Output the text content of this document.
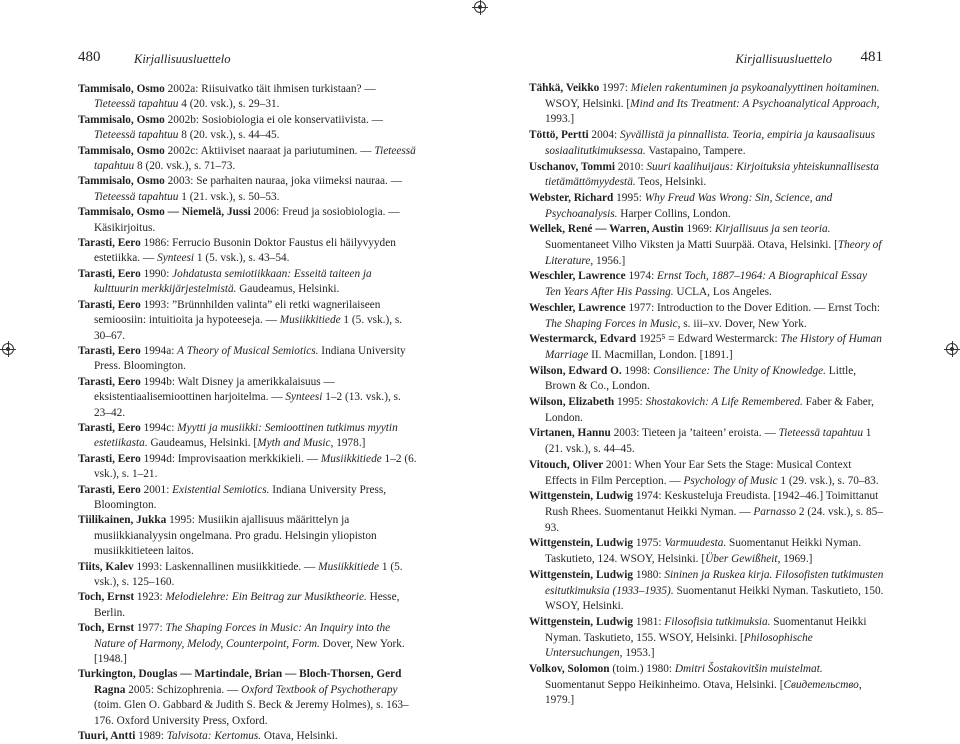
480	Kirjallisuusluettelo

Tammisalo, Osmo 2002a: Riisuivatko täit ihmisen turkistaan? — Tieteessä tapahtuu 4 (20. vsk.), s. 29–31.

Tammisalo, Osmo 2002b: Sosiobiologia ei ole konservatiivista. — Tieteessä tapahtuu 8 (20. vsk.), s. 44–45.

Tammisalo, Osmo 2002c: Aktiiviset naaraat ja pariutuminen. — Tieteessä tapahtuu 8 (20. vsk.), s. 71–73.

Tammisalo, Osmo 2003: Se parhaiten nauraa, joka viimeksi nauraa. — Tieteessä tapahtuu 1 (21. vsk.), s. 50–53.

Tammisalo, Osmo — Niemelä, Jussi 2006: Freud ja sosiobiologia. — Käsikirjoitus.

Tarasti, Eero 1986: Ferrucio Busonin Doktor Faustus eli häilyvyyden estetiikka. — Synteesi 1 (5. vsk.), s. 43–54.

Tarasti, Eero 1990: Johdatusta semiotiikkaan: Esseitä taiteen ja kulttuurin merkkijärjestelmistä. Gaudeamus, Helsinki.

Tarasti, Eero 1993: ”Brünnhilden valinta” eli retki wagnerilaiseen semioosiin: intuitioita ja hypoteeseja. — Musiikkitiede 1 (5. vsk.), s. 30–67.

Tarasti, Eero 1994a: A Theory of Musical Semiotics. Indiana University Press. Bloomington.

Tarasti, Eero 1994b: Walt Disney ja amerikkalaisuus — eksistentiaalisemioottinen harjoitelma. — Synteesi 1–2 (13. vsk.), s. 23–42.

Tarasti, Eero 1994c: Myytti ja musiikki: Semioottinen tutkimus myytin estetiikasta. Gaudeamus, Helsinki. [Myth and Music, 1978.]

Tarasti, Eero 1994d: Improvisaation merkkikieli. — Musiikkitiede 1–2 (6. vsk.), s. 1–21.

Tarasti, Eero 2001: Existential Semiotics. Indiana University Press, Bloomington.

Tiilikainen, Jukka 1995: Musiikin ajallisuus määrittelyn ja musiikkianalyysin ongelmana. Pro gradu. Helsingin yliopiston musiikkitieteen laitos.

Tiits, Kalev 1993: Laskennallinen musiikkitiede. — Musiikkitiede 1 (5. vsk.), s. 125–160.

Toch, Ernst 1923: Melodielehre: Ein Beitrag zur Musiktheorie. Hesse, Berlin.

Toch, Ernst 1977: The Shaping Forces in Music: An Inquiry into the Nature of Harmony, Melody, Counterpoint, Form. Dover, New York. [1948.]

Turkington, Douglas — Martindale, Brian — Bloch-Thorsen, Gerd Ragna 2005: Schizophrenia. — Oxford Textbook of Psychotherapy (toim. Glen O. Gabbard & Judith S. Beck & Jeremy Holmes), s. 163–176. Oxford University Press, Oxford.

Tuuri, Antti 1989: Talvisota: Kertomus. Otava, Helsinki.

Kirjallisuusluettelo 481

Tähkä, Veikko 1997: Mielen rakentuminen ja psykoanalyyttinen hoitaminen. WSOY, Helsinki. [Mind and Its Treatment: A Psychoanalytical Approach, 1993.]

Töttö, Pertti 2004: Syvällistä ja pinnallista. Teoria, empiria ja kausaalisuus sosiaalitutkimuksessa. Vastapaino, Tampere.

Uschanov, Tommi 2010: Suuri kaalihuijaus: Kirjoituksia yhteiskunnallisesta tietämättömyydestä. Teos, Helsinki.

Webster, Richard 1995: Why Freud Was Wrong: Sin, Science, and Psychoanalysis. Harper Collins, London.

Wellek, René — Warren, Austin 1969: Kirjallisuus ja sen teoria. Suomentaneet Vilho Viksten ja Matti Suurpää. Otava, Helsinki. [Theory of Literature, 1956.]

Weschler, Lawrence 1974: Ernst Toch, 1887–1964: A Biographical Essay Ten Years After His Passing. UCLA, Los Angeles.

Weschler, Lawrence 1977: Introduction to the Dover Edition. — Ernst Toch: The Shaping Forces in Music, s. iii–xv. Dover, New York.

Westermarck, Edvard 1925⁵ = Edward Westermarck: The History of Human Marriage II. Macmillan, London. [1891.]

Wilson, Edward O. 1998: Consilience: The Unity of Knowledge. Little, Brown & Co., London.

Wilson, Elizabeth 1995: Shostakovich: A Life Remembered. Faber & Faber, London.

Virtanen, Hannu 2003: Tieteen ja ’taiteen’ eroista. — Tieteessä tapahtuu 1 (21. vsk.), s. 44–45.

Vitouch, Oliver 2001: When Your Ear Sets the Stage: Musical Context Effects in Film Perception. — Psychology of Music 1 (29. vsk.), s. 70–83.

Wittgenstein, Ludwig 1974: Keskusteluja Freudista. [1942–46.] Toimittanut Rush Rhees. Suomentanut Heikki Nyman. — Parnasso 2 (24. vsk.), s. 85–93.

Wittgenstein, Ludwig 1975: Varmuudesta. Suomentanut Heikki Nyman. Taskutieto, 124. WSOY, Helsinki. [Über Gewißheit, 1969.]

Wittgenstein, Ludwig 1980: Sininen ja Ruskea kirja. Filosofisten tutkimusten esitutkimuksia (1933–1935). Suomentanut Heikki Nyman. Taskutieto, 150. WSOY, Helsinki.

Wittgenstein, Ludwig 1981: Filosofisia tutkimuksia. Suomentanut Heikki Nyman. Taskutieto, 155. WSOY, Helsinki. [Philosophische Untersuchungen, 1953.]

Volkov, Solomon (toim.) 1980: Dmitri Šostakovitšin muistelmat. Suomentanut Seppo Heikinheimo. Otava, Helsinki. [Свидетельство, 1979.]
